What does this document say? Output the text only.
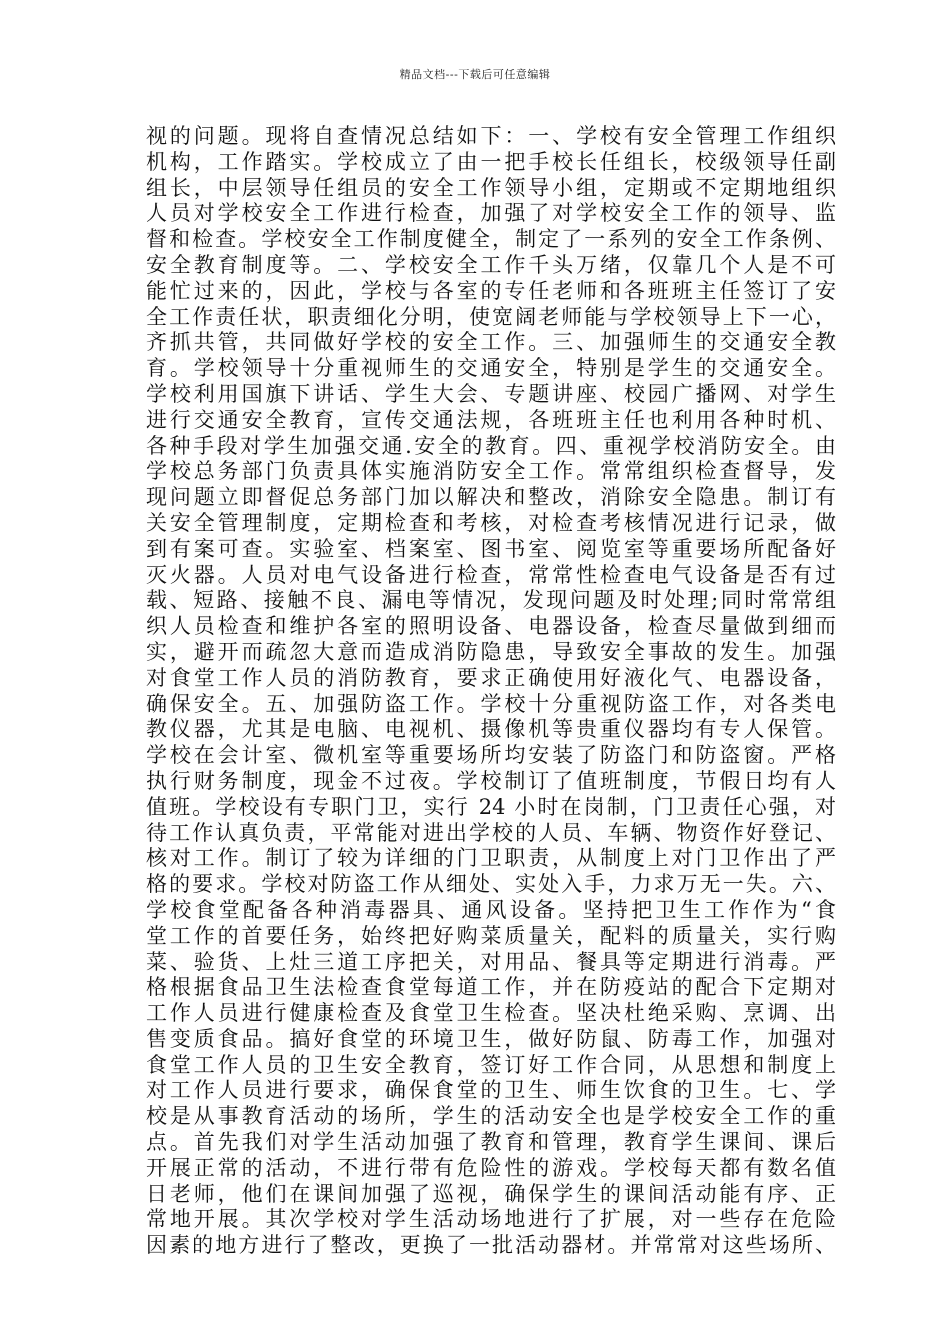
精品文档---下载后可任意编辑
视的问题。现将自查情况总结如下：一、学校有安全管理工作组织
机构，工作踏实。学校成立了由一把手校长任组长，校级领导任副
组长，中层领导任组员的安全工作领导小组，定期或不定期地组织
人员对学校安全工作进行检查，加强了对学校安全工作的领导、监
督和检查。学校安全工作制度健全，制定了一系列的安全工作条例、
安全教育制度等。二、学校安全工作千头万绪，仅靠几个人是不可
能忙过来的，因此，学校与各室的专任老师和各班班主任签订了安
全工作责任状，职责细化分明，使宽阔老师能与学校领导上下一心，
齐抓共管，共同做好学校的安全工作。三、加强师生的交通安全教
育。学校领导十分重视师生的交通安全，特别是学生的交通安全。
学校利用国旗下讲话、学生大会、专题讲座、校园广播网、对学生
进行交通安全教育，宣传交通法规，各班班主任也利用各种时机、
各种手段对学生加强交通.安全的教育。四、重视学校消防安全。由
学校总务部门负责具体实施消防安全工作。常常组织检查督导，发
现问题立即督促总务部门加以解决和整改，消除安全隐患。制订有
关安全管理制度，定期检查和考核，对检查考核情况进行记录，做
到有案可查。实验室、档案室、图书室、阅览室等重要场所配备好
灭火器。人员对电气设备进行检查，常常性检查电气设备是否有过
载、短路、接触不良、漏电等情况，发现问题及时处理;同时常常组
织人员检查和维护各室的照明设备、电器设备，检查尽量做到细而
实，避开而疏忽大意而造成消防隐患，导致安全事故的发生。加强
对食堂工作人员的消防教育，要求正确使用好液化气、电器设备，
确保安全。五、加强防盗工作。学校十分重视防盗工作，对各类电
教仪器，尤其是电脑、电视机、摄像机等贵重仪器均有专人保管。
学校在会计室、微机室等重要场所均安装了防盗门和防盗窗。严格
执行财务制度，现金不过夜。学校制订了值班制度，节假日均有人
值班。学校设有专职门卫，实行 24 小时在岗制，门卫责任心强，对
待工作认真负责，平常能对进出学校的人员、车辆、物资作好登记、
核对工作。制订了较为详细的门卫职责，从制度上对门卫作出了严
格的要求。学校对防盗工作从细处、实处入手，力求万无一失。六、
学校食堂配备各种消毒器具、通风设备。坚持把卫生工作作为“食
堂工作的首要任务，始终把好购菜质量关，配料的质量关，实行购
菜、验货、上灶三道工序把关，对用品、餐具等定期进行消毒。严
格根据食品卫生法检查食堂每道工作，并在防疫站的配合下定期对
工作人员进行健康检查及食堂卫生检查。坚决杜绝采购、烹调、出
售变质食品。搞好食堂的环境卫生，做好防鼠、防毒工作，加强对
食堂工作人员的卫生安全教育，签订好工作合同，从思想和制度上
对工作人员进行要求，确保食堂的卫生、师生饮食的卫生。七、学
校是从事教育活动的场所，学生的活动安全也是学校安全工作的重
点。首先我们对学生活动加强了教育和管理，教育学生课间、课后
开展正常的活动，不进行带有危险性的游戏。学校每天都有数名值
日老师，他们在课间加强了巡视，确保学生的课间活动能有序、正
常地开展。其次学校对学生活动场地进行了扩展，对一些存在危险
因素的地方进行了整改，更换了一批活动器材。并常常对这些场所、
